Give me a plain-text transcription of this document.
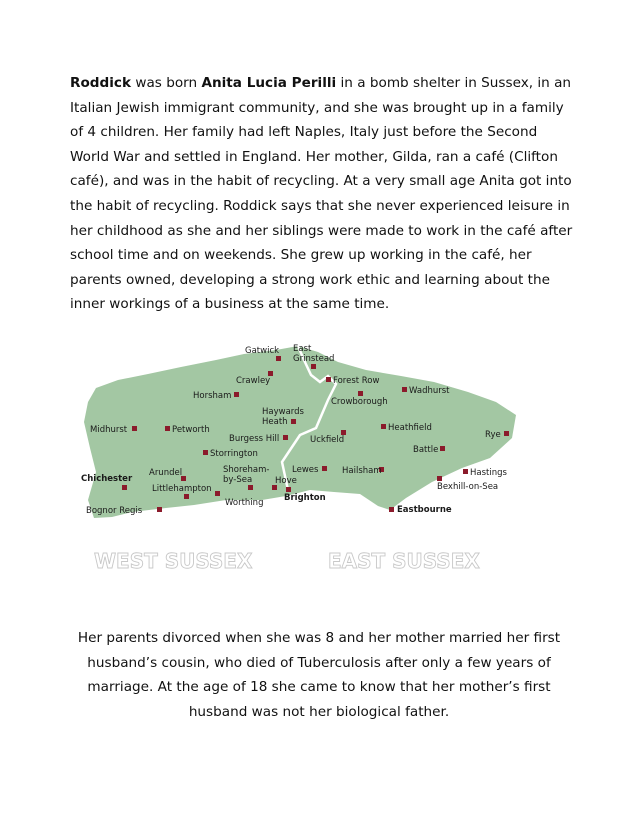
Roddick was born Anita Lucia Perilli in a bomb shelter in Sussex, in an Italian Jewish immigrant community, and she was brought up in a family of 4 children. Her family had left Naples, Italy just before the Second World War and settled in England. Her mother, Gilda, ran a café (Clifton café), and was in the habit of recycling. At a very small age Anita got into the habit of recycling. Roddick says that she never experienced leisure in her childhood as she and her siblings were made to work in the café after school time and on weekends. She grew up working in the café, her parents owned, developing a strong work ethic and learning about the inner workings of a business at the same time.
Gatwick East
Grinstead
Crawley	Forest Row
Wadhurst
Horsham
Crowborough
Haywards
Heath
Midhurst	Petworth	Heathfield
Rye
Burgess Hill	Uckfield
Storrington	Battle
Shoreham-
by-Sea
Lewes	Hailsham	Hastings
Arundel
Hove
Bexhill-on-Sea
Littlehampton
Worthing
Bognor Regis
Chichester
Brighton
Eastbourne
WEST SUSSEX	EAST SUSSEX
Her parents divorced when she was 8 and her mother married her first husband’s cousin, who died of Tuberculosis after only a few years of marriage. At the age of 18 she came to know that her mother’s first husband was not her biological father.
